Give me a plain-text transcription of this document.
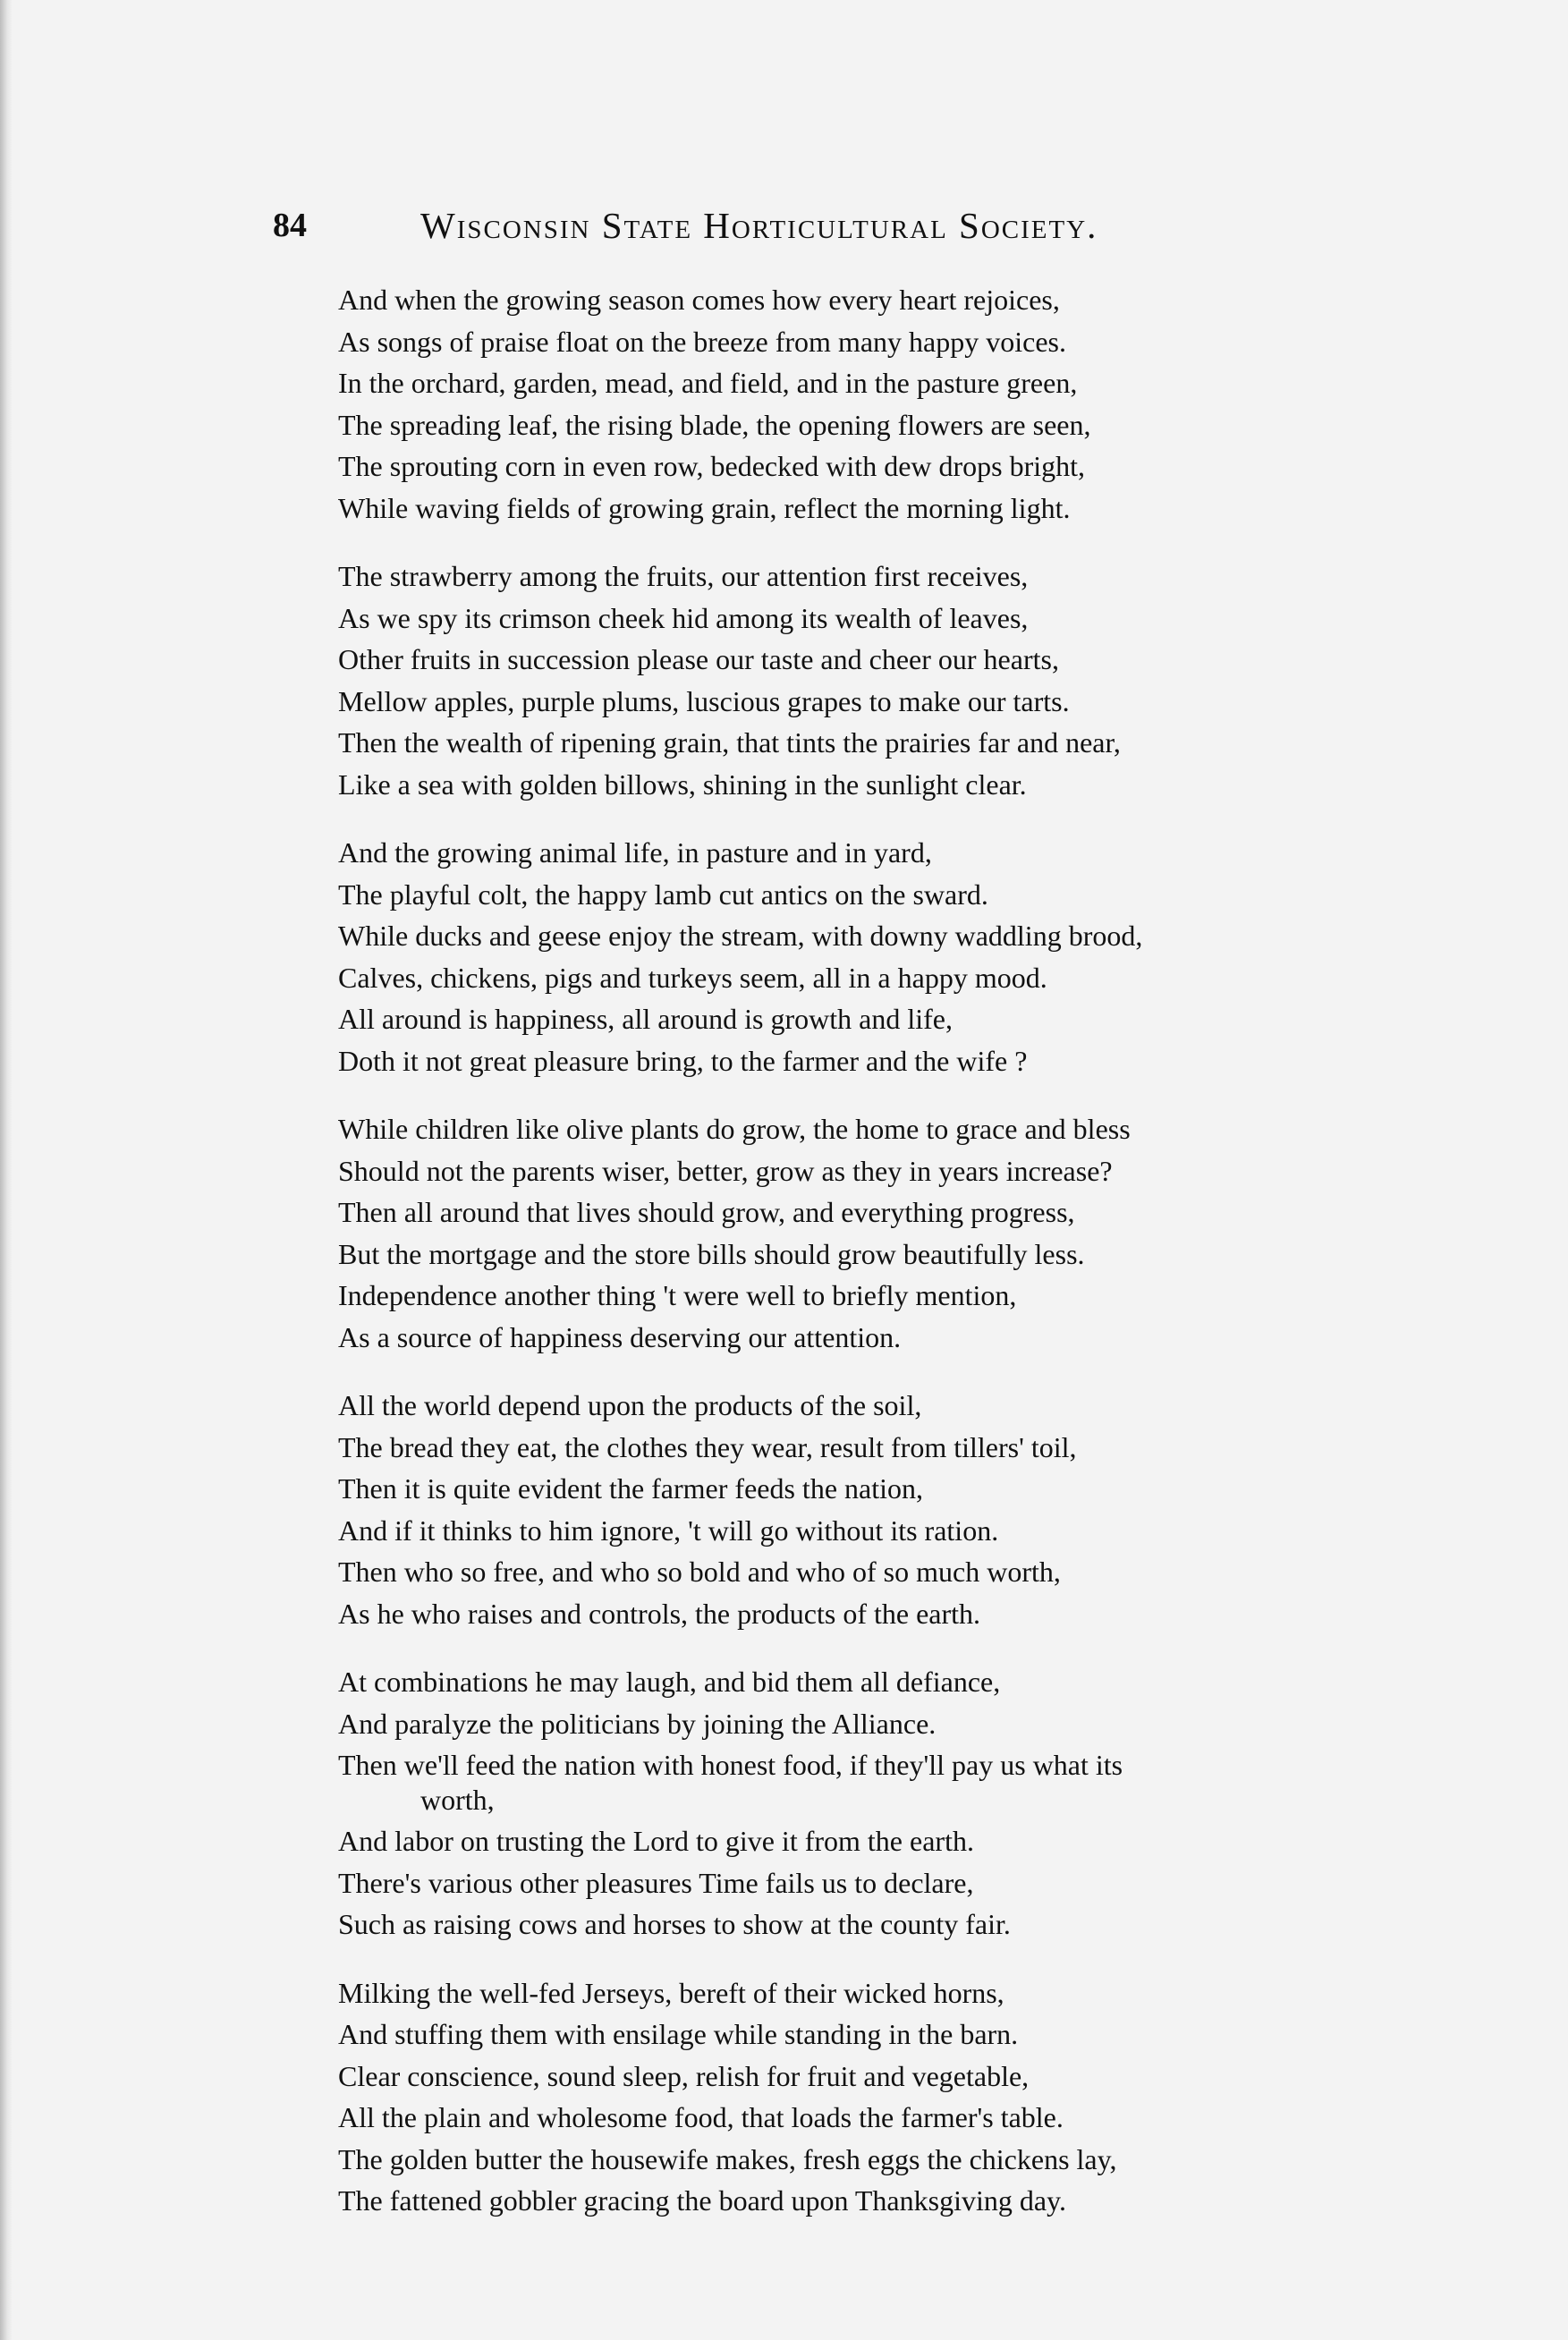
84	Wisconsin State Horticultural Society.
And when the growing season comes how every heart rejoices,
As songs of praise float on the breeze from many happy voices.
In the orchard, garden, mead, and field, and in the pasture green,
The spreading leaf, the rising blade, the opening flowers are seen,
The sprouting corn in even row, bedecked with dew drops bright,
While waving fields of growing grain, reflect the morning light.
The strawberry among the fruits, our attention first receives,
As we spy its crimson cheek hid among its wealth of leaves,
Other fruits in succession please our taste and cheer our hearts,
Mellow apples, purple plums, luscious grapes to make our tarts.
Then the wealth of ripening grain, that tints the prairies far and near,
Like a sea with golden billows, shining in the sunlight clear.
And the growing animal life, in pasture and in yard,
The playful colt, the happy lamb cut antics on the sward.
While ducks and geese enjoy the stream, with downy waddling brood,
Calves, chickens, pigs and turkeys seem, all in a happy mood.
All around is happiness, all around is growth and life,
Doth it not great pleasure bring, to the farmer and the wife ?
While children like olive plants do grow, the home to grace and bless
Should not the parents wiser, better, grow as they in years increase?
Then all around that lives should grow, and everything progress,
But the mortgage and the store bills should grow beautifully less.
Independence another thing 't were well to briefly mention,
As a source of happiness deserving our attention.
All the world depend upon the products of the soil,
The bread they eat, the clothes they wear, result from tillers' toil,
Then it is quite evident the farmer feeds the nation,
And if it thinks to him ignore, 't will go without its ration.
Then who so free, and who so bold and who of so much worth,
As he who raises and controls, the products of the earth.
At combinations he may laugh, and bid them all defiance,
And paralyze the politicians by joining the Alliance.
Then we'll feed the nation with honest food, if they'll pay us what its
worth,
And labor on trusting the Lord to give it from the earth.
There's various other pleasures Time fails us to declare,
Such as raising cows and horses to show at the county fair.
Milking the well-fed Jerseys, bereft of their wicked horns,
And stuffing them with ensilage while standing in the barn.
Clear conscience, sound sleep, relish for fruit and vegetable,
All the plain and wholesome food, that loads the farmer's table.
The golden butter the housewife makes, fresh eggs the chickens lay,
The fattened gobbler gracing the board upon Thanksgiving day.
